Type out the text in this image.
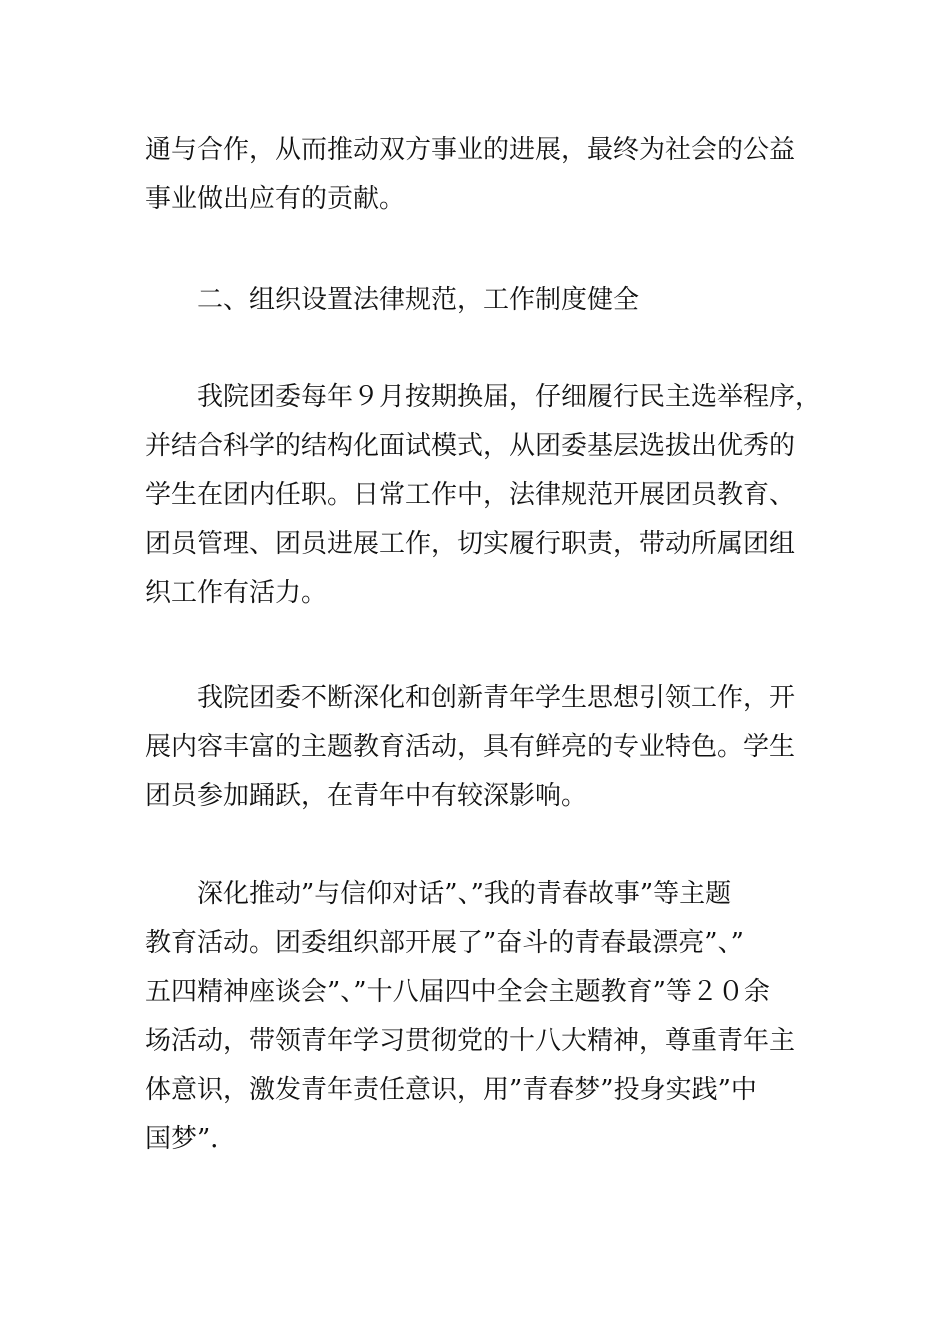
通与合作，从而推动双方事业的进展，最终为社会的公益
事业做出应有的贡献。

　　二、组织设置法律规范，工作制度健全

　　我院团委每年９月按期换届，仔细履行民主选举程序，
并结合科学的结构化面试模式，从团委基层选拔出优秀的
学生在团内任职。日常工作中，法律规范开展团员教育、
团员管理、团员进展工作，切实履行职责，带动所属团组
织工作有活力。

　　我院团委不断深化和创新青年学生思想引领工作，开
展内容丰富的主题教育活动，具有鲜亮的专业特色。学生
团员参加踊跃，在青年中有较深影响。

　　深化推动”与信仰对话”、”我的青春故事”等主题
教育活动。团委组织部开展了”奋斗的青春最漂亮”、”
五四精神座谈会”、”十八届四中全会主题教育”等２０余
场活动，带领青年学习贯彻党的十八大精神，尊重青年主
体意识，激发青年责任意识，用”青春梦”投身实践”中
国梦”．
